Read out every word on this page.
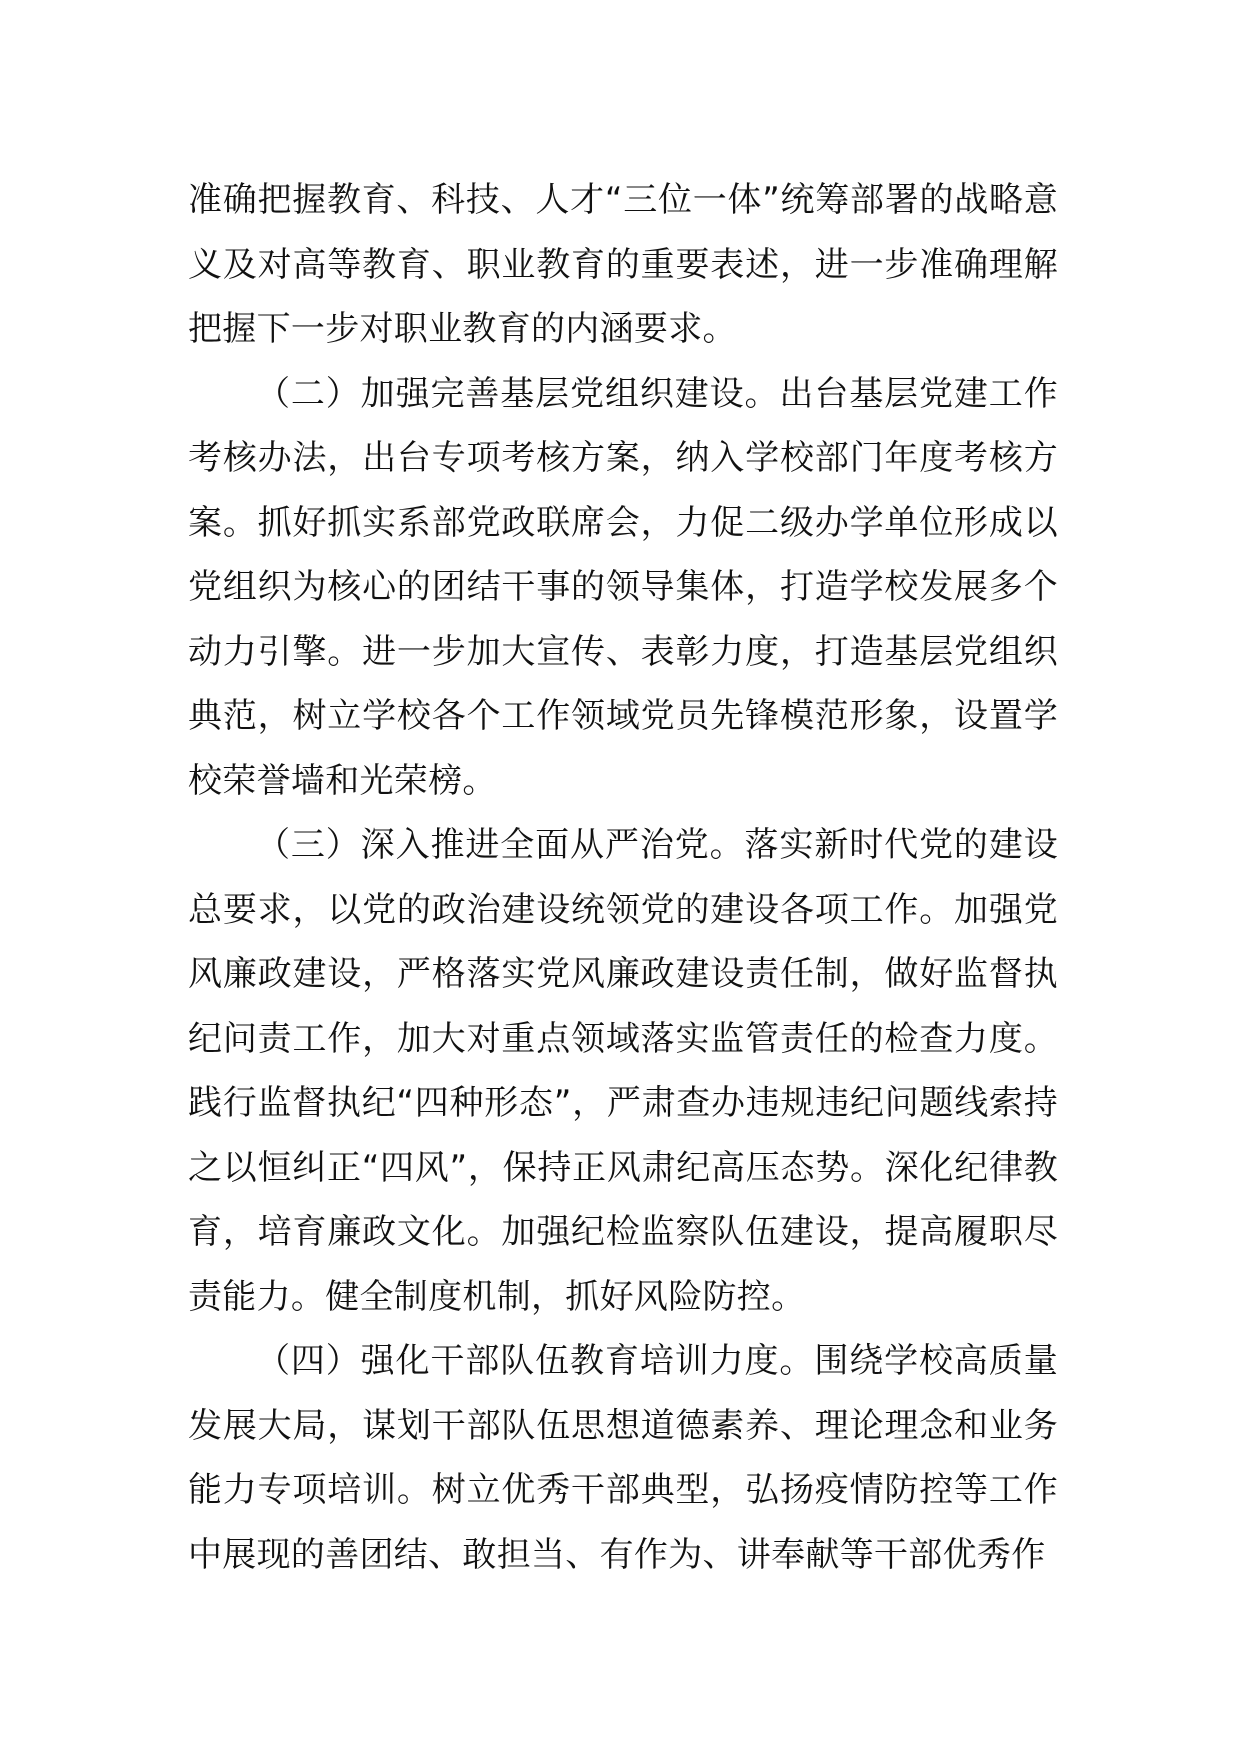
准确把握教育、科技、人才“三位一体”统筹部署的战略意义及对高等教育、职业教育的重要表述，进一步准确理解把握下一步对职业教育的内涵要求。

（二）加强完善基层党组织建设。出台基层党建工作考核办法，出台专项考核方案，纳入学校部门年度考核方案。抓好抓实系部党政联席会，力促二级办学单位形成以党组织为核心的团结干事的领导集体，打造学校发展多个动力引擎。进一步加大宣传、表彰力度，打造基层党组织典范，树立学校各个工作领域党员先锋模范形象，设置学校荣誉墙和光荣榜。

（三）深入推进全面从严治党。落实新时代党的建设总要求，以党的政治建设统领党的建设各项工作。加强党风廉政建设，严格落实党风廉政建设责任制，做好监督执纪问责工作，加大对重点领域落实监管责任的检查力度。践行监督执纪“四种形态”，严肃查办违规违纪问题线索持之以恒纠正“四风”，保持正风肃纪高压态势。深化纪律教育，培育廉政文化。加强纪检监察队伍建设，提高履职尽责能力。健全制度机制，抓好风险防控。

（四）强化干部队伍教育培训力度。围绕学校高质量发展大局，谋划干部队伍思想道德素养、理论理念和业务能力专项培训。树立优秀干部典型，弘扬疫情防控等工作中展现的善团结、敢担当、有作为、讲奉献等干部优秀作
